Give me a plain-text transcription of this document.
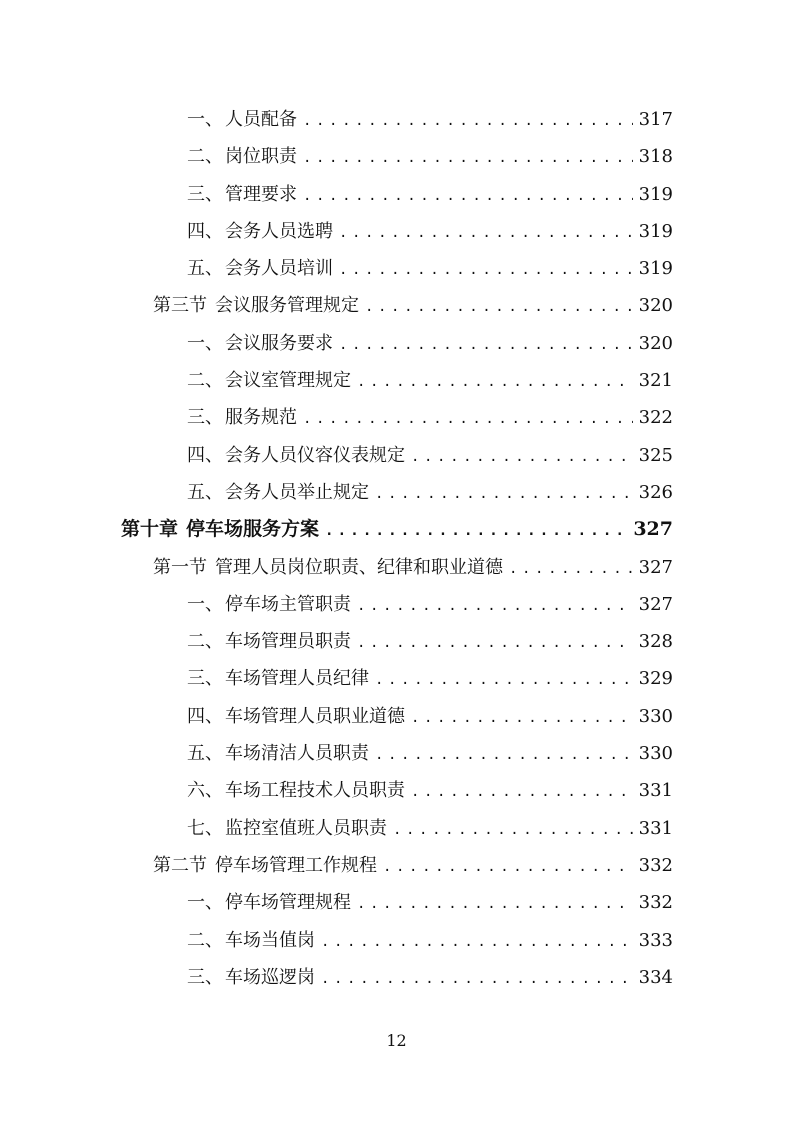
一、 人员配备 .....	317
二、 岗位职责 .....	318
三、 管理要求 .....	319
四、 会务人员选聘 .....	319
五、 会务人员培训 .....	319
第三节 会议服务管理规定 .....	320
一、 会议服务要求 .....	320
二、 会议室管理规定 .....	321
三、 服务规范 .....	322
四、 会务人员仪容仪表规定 .....	325
五、 会务人员举止规定 .....	326
第十章 停车场服务方案 .....	327
第一节 管理人员岗位职责、纪律和职业道德 .....	327
一、 停车场主管职责 .....	327
二、 车场管理员职责 .....	328
三、 车场管理人员纪律 .....	329
四、 车场管理人员职业道德 .....	330
五、 车场清洁人员职责 .....	330
六、 车场工程技术人员职责 .....	331
七、 监控室值班人员职责 .....	331
第二节 停车场管理工作规程 .....	332
一、 停车场管理规程 .....	332
二、 车场当值岗 .....	333
三、 车场巡逻岗 .....	334
12
